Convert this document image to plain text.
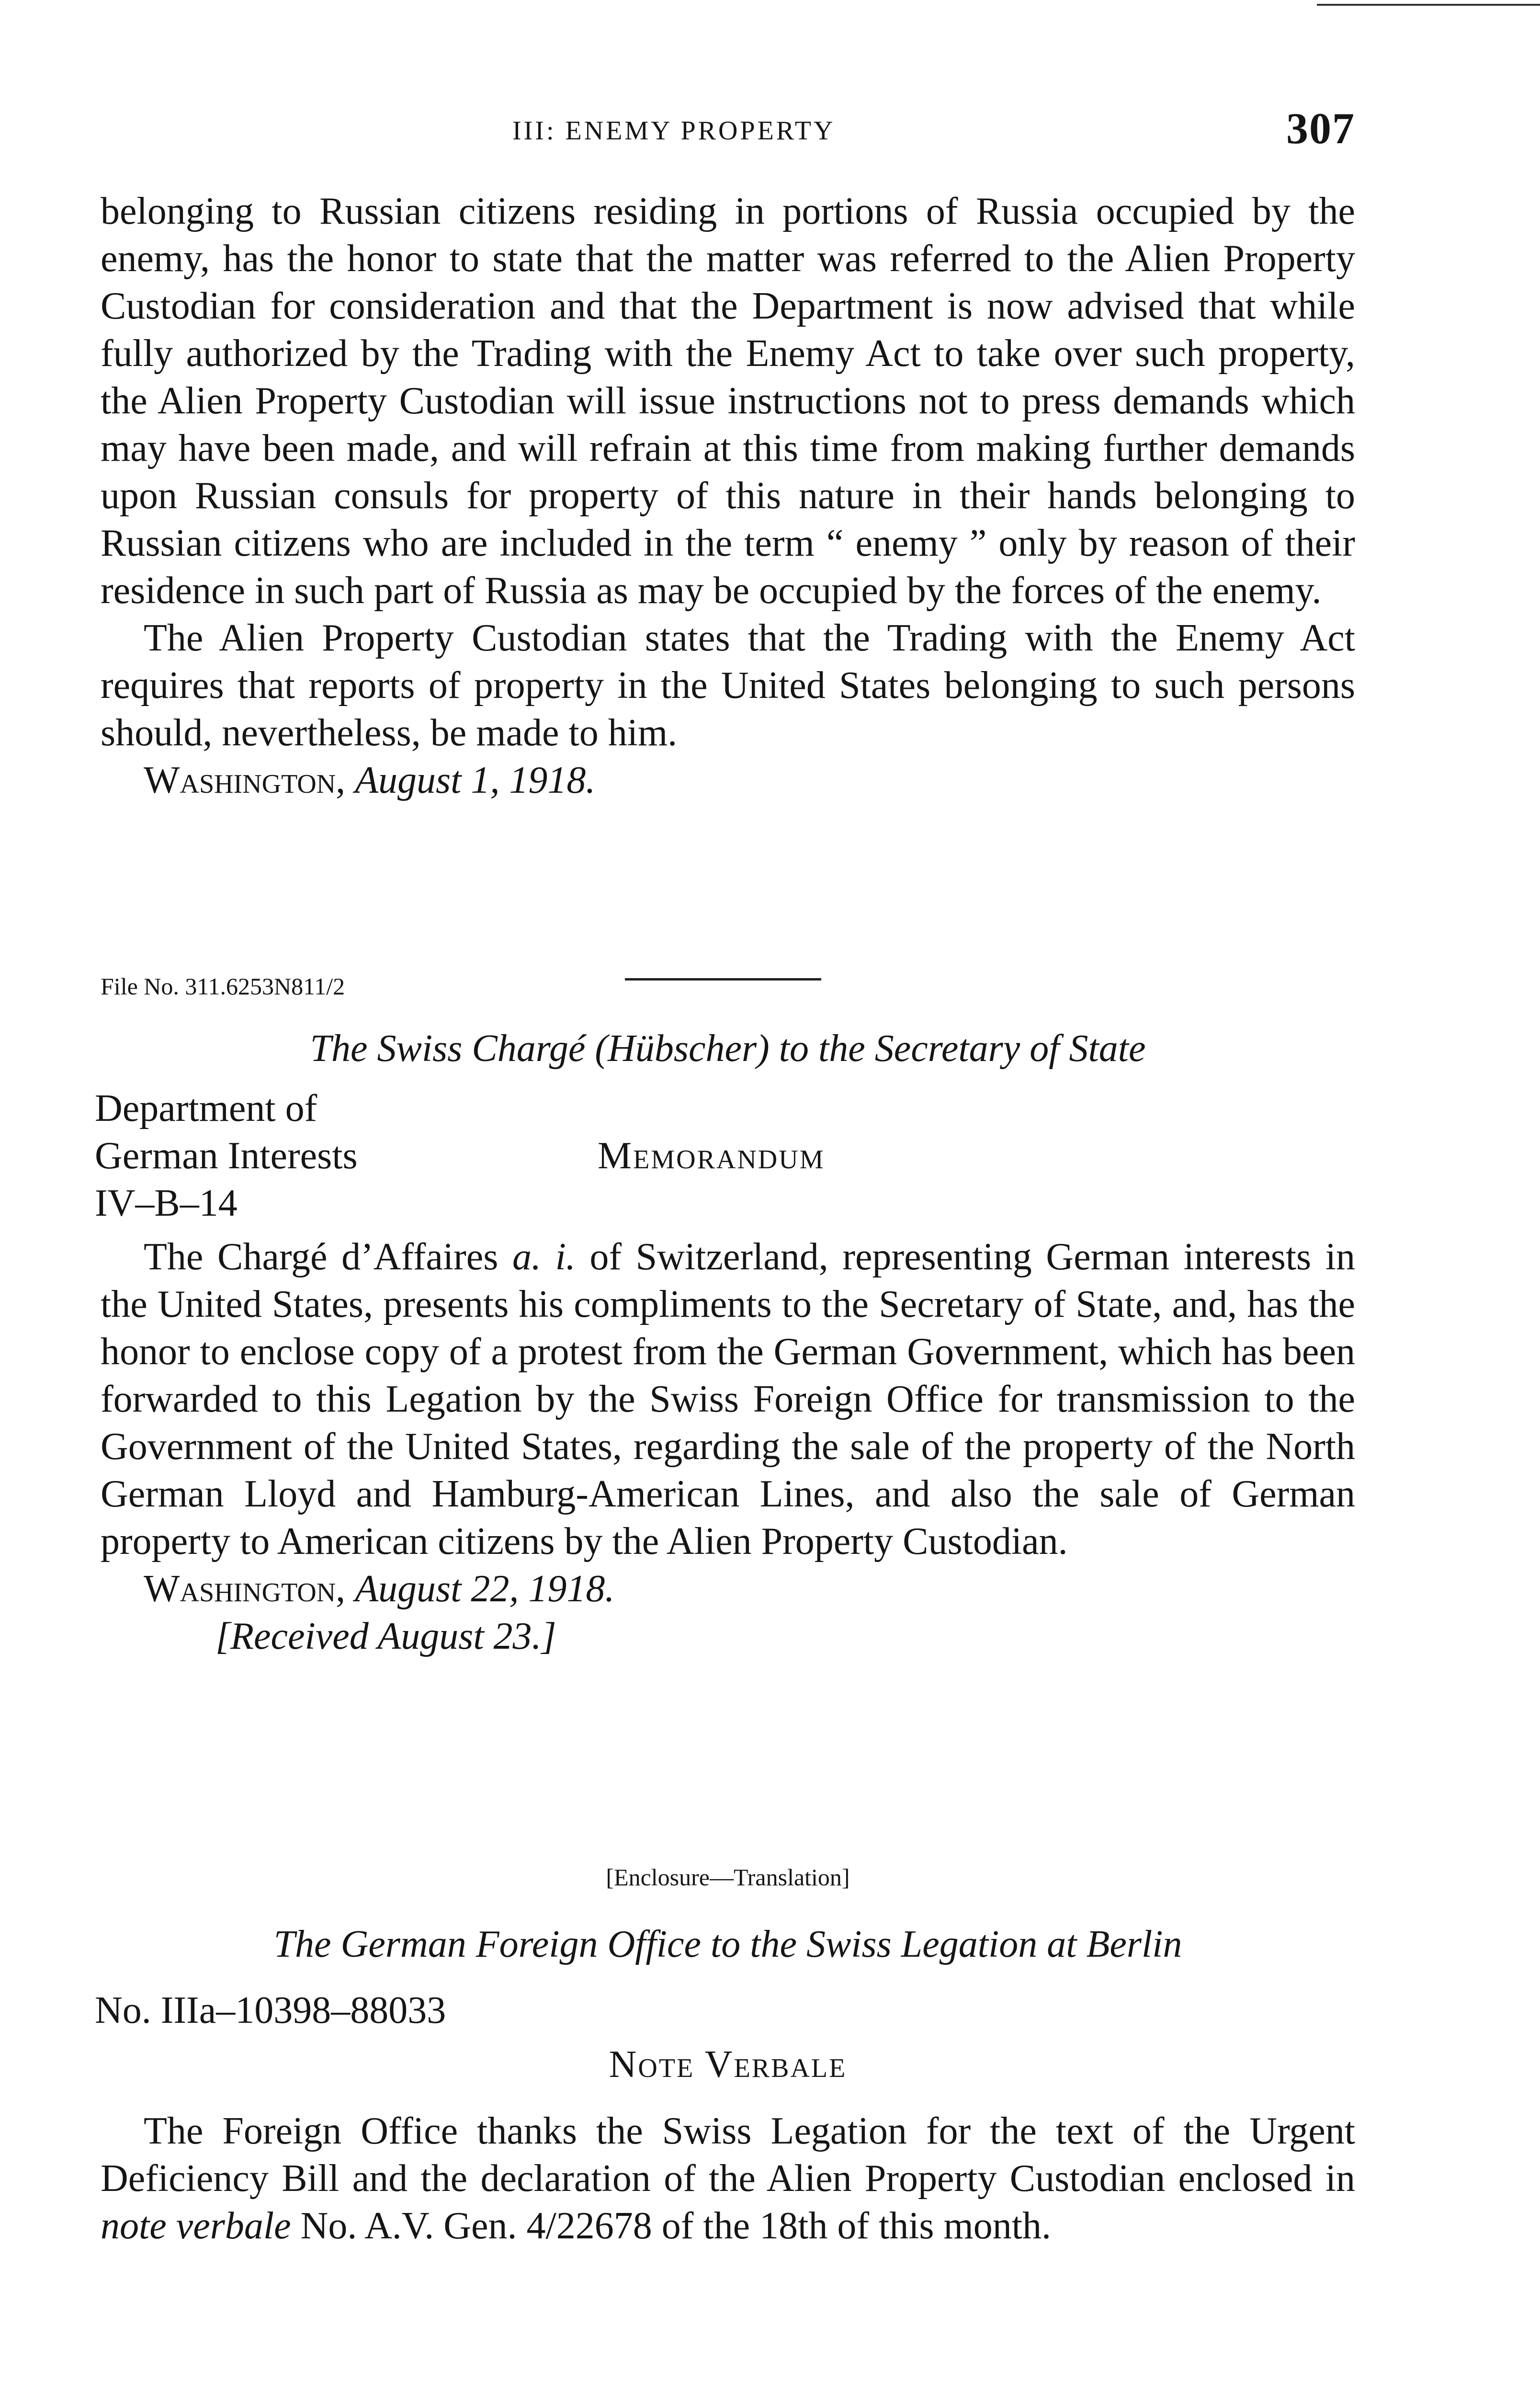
III: ENEMY PROPERTY	307

belonging to Russian citizens residing in portions of Russia occupied by the enemy, has the honor to state that the matter was referred to the Alien Property Custodian for consideration and that the Department is now advised that while fully authorized by the Trading with the Enemy Act to take over such property, the Alien Property Custodian will issue instructions not to press demands which may have been made, and will refrain at this time from making further demands upon Russian consuls for property of this nature in their hands belonging to Russian citizens who are included in the term “ enemy ” only by reason of their residence in such part of Russia as may be occupied by the forces of the enemy.

The Alien Property Custodian states that the Trading with the Enemy Act requires that reports of property in the United States belonging to such persons should, nevertheless, be made to him.

Washington, August 1, 1918.

File No. 311.6253N811/2
The Swiss Chargé (Hübscher) to the Secretary of State
Department of
German Interests
IV–B–14
Memorandum

The Chargé d’Affaires a. i. of Switzerland, representing German interests in the United States, presents his compliments to the Secretary of State, and, has the honor to enclose copy of a protest from the German Government, which has been forwarded to this Legation by the Swiss Foreign Office for transmission to the Government of the United States, regarding the sale of the property of the North German Lloyd and Hamburg-American Lines, and also the sale of German property to American citizens by the Alien Property Custodian.

Washington, August 22, 1918.

[Received August 23.]

[Enclosure—Translation]
The German Foreign Office to the Swiss Legation at Berlin
No. IIIa–10398–88033
Note Verbale

The Foreign Office thanks the Swiss Legation for the text of the Urgent Deficiency Bill and the declaration of the Alien Property Custodian enclosed in note verbale No. A.V. Gen. 4/22678 of the 18th of this month.
